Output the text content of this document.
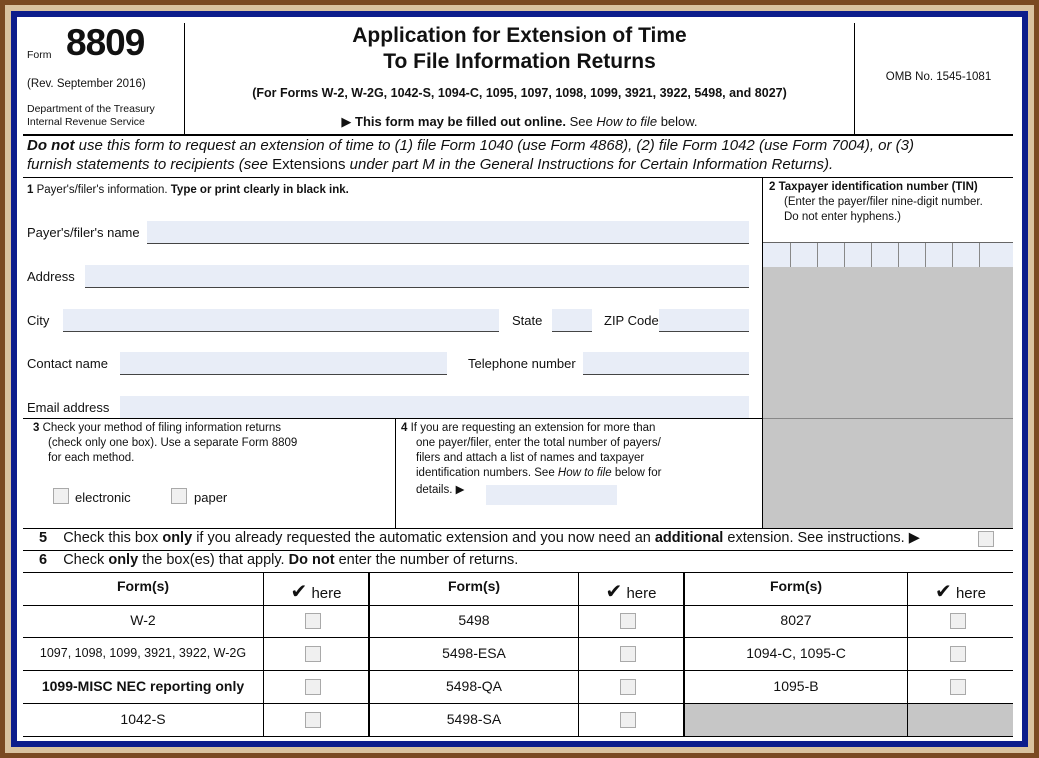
Form 8809
(Rev. September 2016)
Department of the Treasury
Internal Revenue Service
Application for Extension of Time
To File Information Returns
(For Forms W-2, W-2G, 1042-S, 1094-C, 1095, 1097, 1098, 1099, 3921, 3922, 5498, and 8027)
▶ This form may be filled out online. See How to file below.
OMB No. 1545-1081
Do not use this form to request an extension of time to (1) file Form 1040 (use Form 4868), (2) file Form 1042 (use Form 7004), or (3)
furnish statements to recipients (see Extensions under part M in the General Instructions for Certain Information Returns).
1 Payer's/filer's information. Type or print clearly in black ink.
Payer's/filer's name
Address
City	State	ZIP Code
Contact name	Telephone number
Email address
2 Taxpayer identification number (TIN)
(Enter the payer/filer nine-digit number.
Do not enter hyphens.)
3 Check your method of filing information returns
(check only one box). Use a separate Form 8809
for each method.
electronic	paper
4 If you are requesting an extension for more than
one payer/filer, enter the total number of payers/
filers and attach a list of names and taxpayer
identification numbers. See How to file below for
details. ▶
5 Check this box only if you already requested the automatic extension and you now need an additional extension. See instructions. ▶
6 Check only the box(es) that apply. Do not enter the number of returns.
Form(s)	✔ here	Form(s)	✔ here	Form(s)	✔ here
W-2	5498	8027
1097, 1098, 1099, 3921, 3922, W-2G	5498-ESA	1094-C, 1095-C
1099-MISC NEC reporting only	5498-QA	1095-B
1042-S	5498-SA
